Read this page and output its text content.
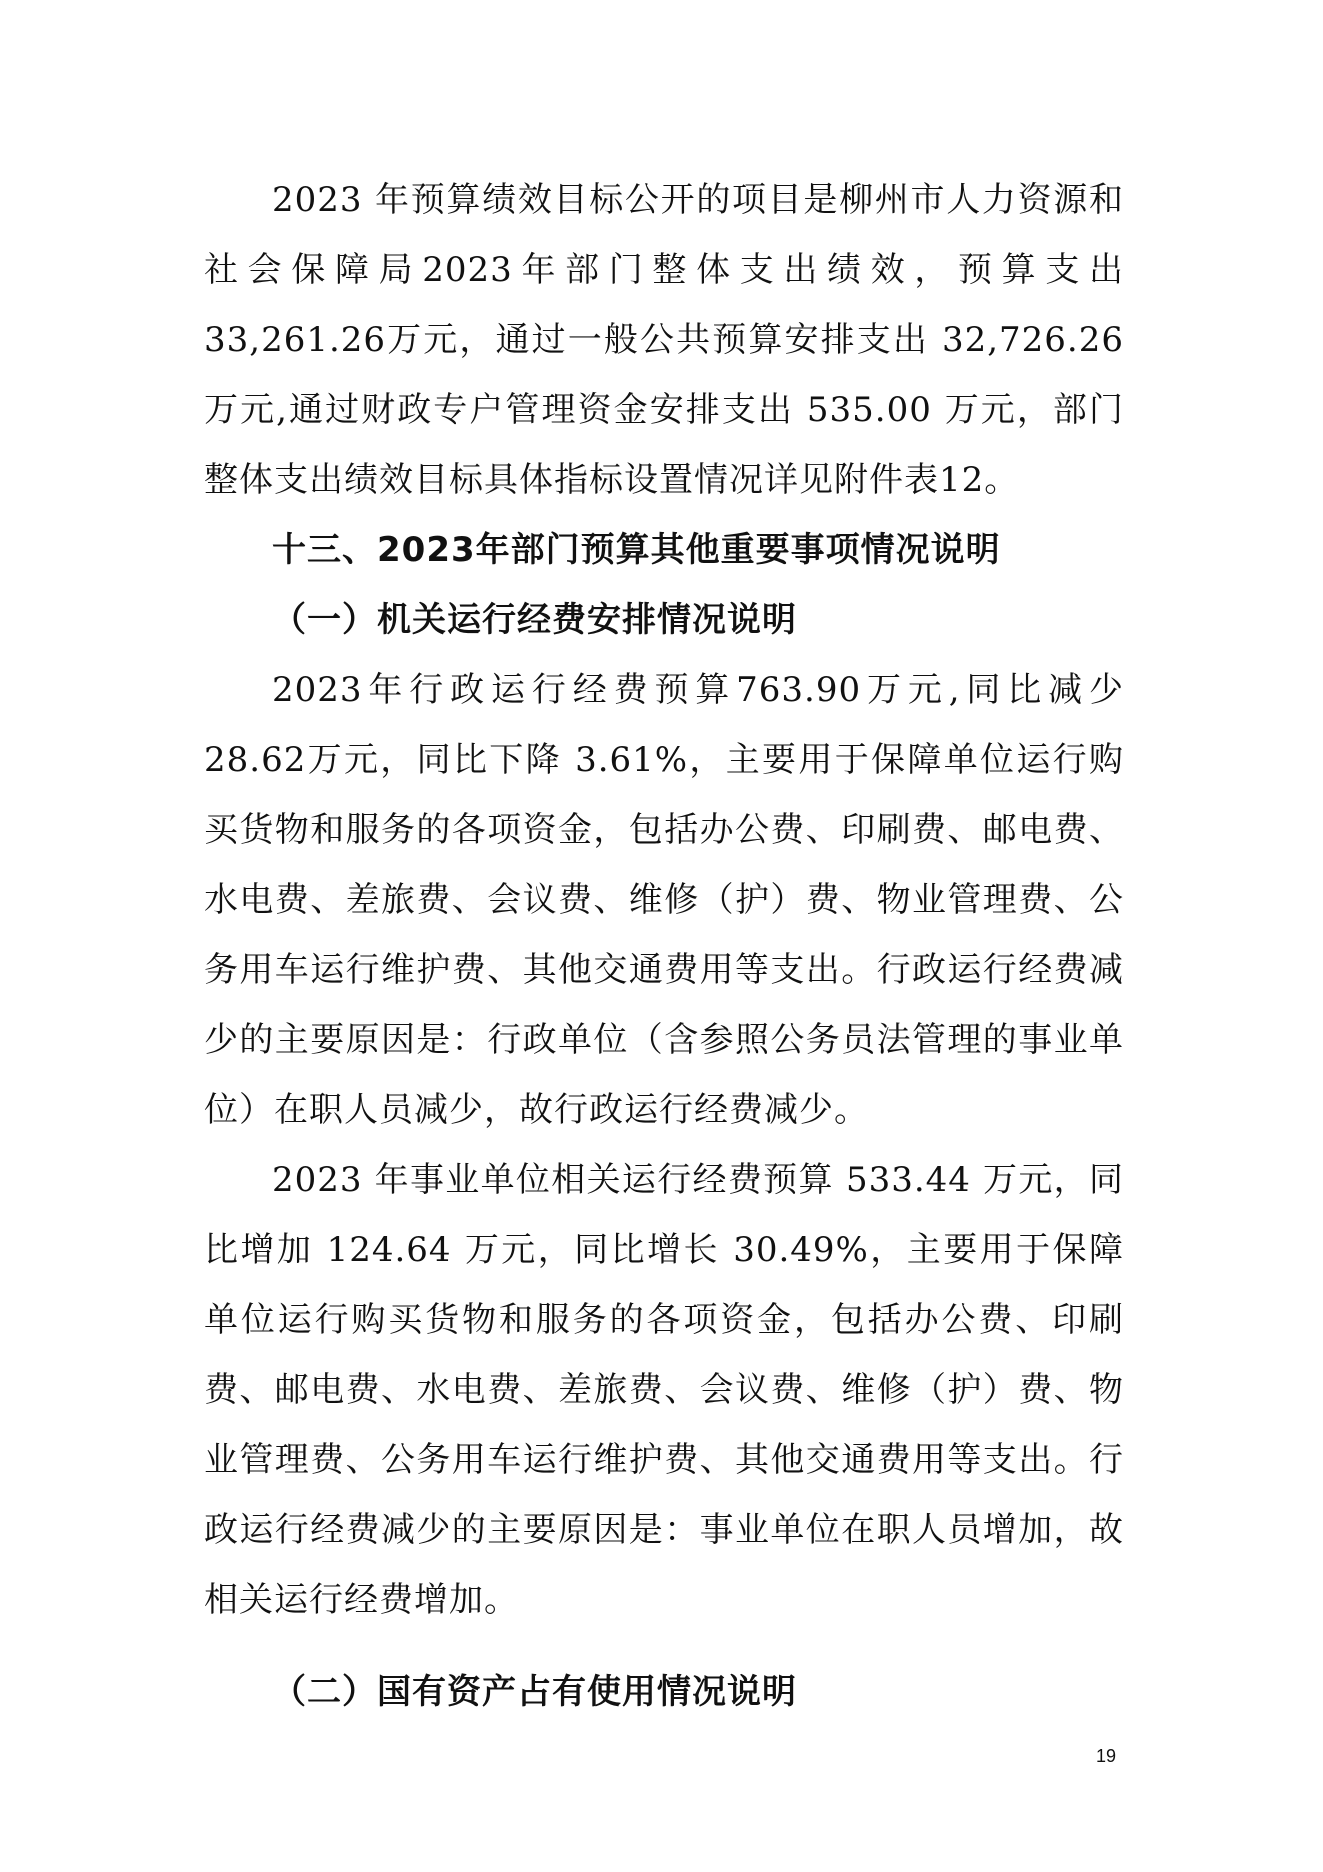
2023 年预算绩效目标公开的项目是柳州市人力资源和社会保障局2023年部门整体支出绩效，预算支出33,261.26万元，通过一般公共预算安排支出 32,726.26 万元,通过财政专户管理资金安排支出 535.00 万元，部门整体支出绩效目标具体指标设置情况详见附件表12。

十三、2023年部门预算其他重要事项情况说明

（一）机关运行经费安排情况说明

2023年行政运行经费预算763.90万元,同比减少28.62万元，同比下降 3.61%，主要用于保障单位运行购买货物和服务的各项资金，包括办公费、印刷费、邮电费、水电费、差旅费、会议费、维修（护）费、物业管理费、公务用车运行维护费、其他交通费用等支出。行政运行经费减少的主要原因是：行政单位（含参照公务员法管理的事业单位）在职人员减少，故行政运行经费减少。

2023 年事业单位相关运行经费预算 533.44 万元，同比增加 124.64 万元，同比增长 30.49%，主要用于保障单位运行购买货物和服务的各项资金，包括办公费、印刷费、邮电费、水电费、差旅费、会议费、维修（护）费、物业管理费、公务用车运行维护费、其他交通费用等支出。行政运行经费减少的主要原因是：事业单位在职人员增加，故相关运行经费增加。

（二）国有资产占有使用情况说明

19
